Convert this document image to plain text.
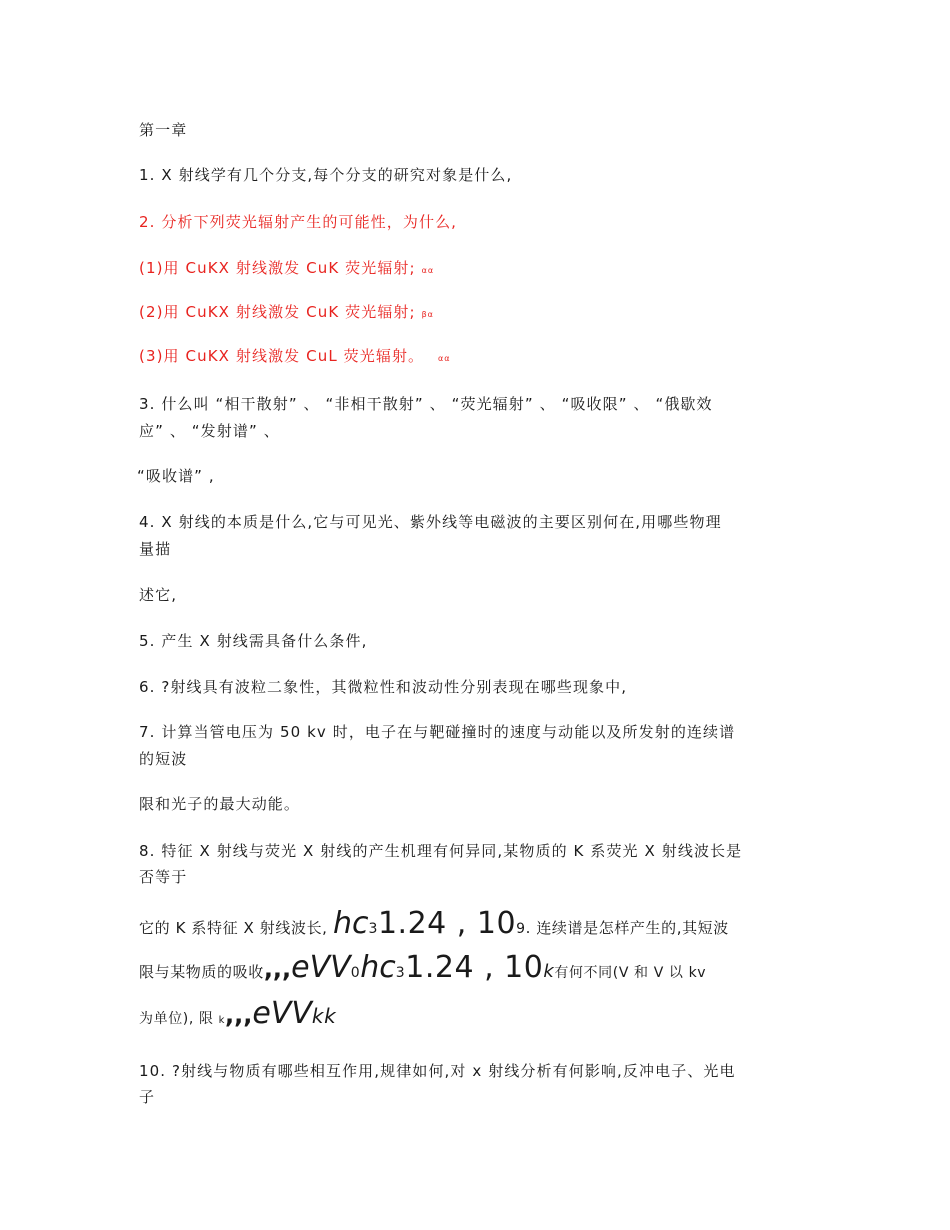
第一章
1. X 射线学有几个分支,每个分支的研究对象是什么,
2. 分析下列荧光辐射产生的可能性，为什么,
(1)用 CuKX 射线激发 CuK 荧光辐射; αα
(2)用 CuKX 射线激发 CuK 荧光辐射; βα
(3)用 CuKX 射线激发 CuL 荧光辐射。 αα
3. 什么叫 “相干散射” 、 “非相干散射” 、 “荧光辐射” 、 “吸收限” 、 “俄歇效
应” 、 “发射谱” 、
“吸收谱” ,
4. X 射线的本质是什么,它与可见光、紫外线等电磁波的主要区别何在,用哪些物理
量描
述它,
5. 产生 X 射线需具备什么条件,
6. ?射线具有波粒二象性，其微粒性和波动性分别表现在哪些现象中,
7. 计算当管电压为 50 kv 时，电子在与靶碰撞时的速度与动能以及所发射的连续谱
的短波
限和光子的最大动能。
8. 特征 X 射线与荧光 X 射线的产生机理有何异同,某物质的 K 系荧光 X 射线波长是
否等于
它的 K 系特征 X 射线波长, hc31.24 , 109. 连续谱是怎样产生的,其短波
限与某物质的吸收,,,eVV0hc31.24 , 10k有何不同(V 和 V 以 kv
为单位), 限 k,,,eVVkk
10. ?射线与物质有哪些相互作用,规律如何,对 x 射线分析有何影响,反冲电子、光电
子
